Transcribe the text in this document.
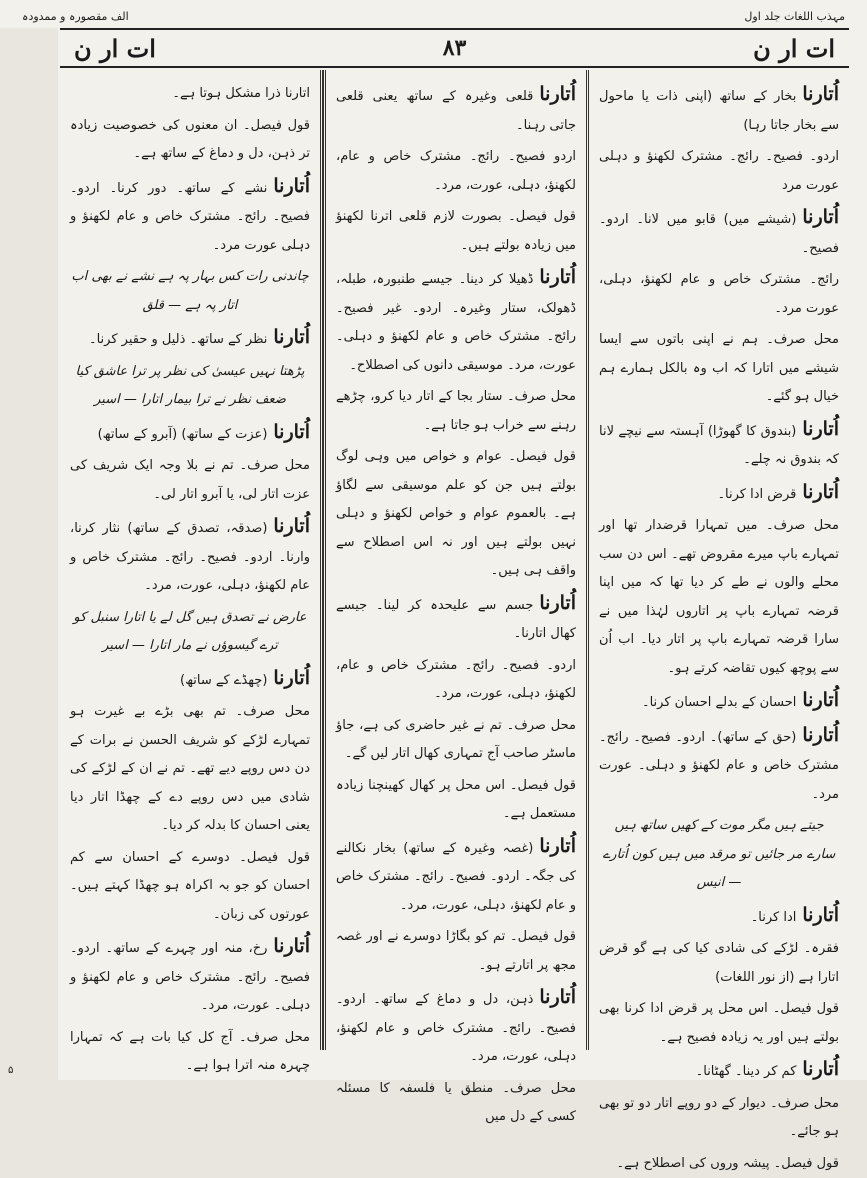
مہذب اللغات جلد اول
الف مقصورہ و ممدودہ
ات ار ن
۸۳
ات ار ن

اُتارنابخار کے ساتھ (اپنی ذات یا ماحول سے بخار جاتا رہا)

اردو۔ فصیح۔ رائج۔ مشترک لکھنؤ و دہلی عورت مرد

اُتارنا(شیشے میں) قابو میں لانا۔ اردو۔ فصیح۔

رائج۔ مشترک خاص و عام لکھنؤ، دہلی، عورت مرد۔

محل صرف۔ ہم نے اپنی باتوں سے ایسا شیشے میں اتارا کہ اب وہ بالکل ہمارے ہم خیال ہو گئے۔

اُتارنا(بندوق کا گھوڑا) آہستہ سے نیچے لانا کہ بندوق نہ چلے۔

اُتارناقرض ادا کرنا۔

محل صرف۔ میں تمہارا قرضدار تھا اور تمہارے باپ میرے مقروض تھے۔ اس دن سب محلے والوں نے طے کر دیا تھا کہ میں اپنا قرضہ تمہارے باپ پر اتاروں لہٰذا میں نے سارا قرضہ تمہارے باپ پر اتار دیا۔ اب اُن سے پوچھ کیوں تقاضہ کرتے ہو۔

اُتارنااحسان کے بدلے احسان کرنا۔

اُتارنا(حق کے ساتھ)۔ اردو۔ فصیح۔ رائج۔ مشترک خاص و عام لکھنؤ و دہلی۔ عورت مرد۔

جیتے ہیں مگر موت کے کھیں ساتھ ہیں سارے مر جائیں تو مرقد میں ہیں کون اُتارے — انیس

اُتارناادا کرنا۔

فقرہ۔ لڑکے کی شادی کیا کی ہے گو قرض اتارا ہے (از نور اللغات)

قول فیصل۔ اس محل پر قرض ادا کرنا بھی بولتے ہیں اور یہ زیادہ فصیح ہے۔

اُتارناکم کر دینا۔ گھٹانا۔

محل صرف۔ دیوار کے دو روپے اتار دو تو بھی ہو جائے۔

قول فیصل۔ پیشہ وروں کی اصطلاح ہے۔

اُتارناقلعی وغیرہ کے ساتھ یعنی قلعی جاتی رہنا۔

اردو فصیح۔ رائج۔ مشترک خاص و عام، لکھنؤ، دہلی، عورت، مرد۔

قول فیصل۔ بصورت لازم قلعی اترنا لکھنؤ میں زیادہ بولتے ہیں۔

اُتارناڈھیلا کر دینا۔ جیسے طنبورہ، طبلہ، ڈھولک، ستار وغیرہ۔ اردو۔ غیر فصیح۔ رائج۔ مشترک خاص و عام لکھنؤ و دہلی۔ عورت، مرد۔ موسیقی دانوں کی اصطلاح۔

محل صرف۔ ستار بجا کے اتار دیا کرو، چڑھے رہنے سے خراب ہو جاتا ہے۔

قول فیصل۔ عوام و خواص میں وہی لوگ بولتے ہیں جن کو علم موسیقی سے لگاؤ ہے۔ بالعموم عوام و خواص لکھنؤ و دہلی نہیں بولتے ہیں اور نہ اس اصطلاح سے واقف ہی ہیں۔

اُتارناجسم سے علیحدہ کر لینا۔ جیسے کھال اتارنا۔

اردو۔ فصیح۔ رائج۔ مشترک خاص و عام، لکھنؤ، دہلی، عورت، مرد۔

محل صرف۔ تم نے غیر حاضری کی ہے، جاؤ ماسٹر صاحب آج تمہاری کھال اتار لیں گے۔

قول فیصل۔ اس محل پر کھال کھینچنا زیادہ مستعمل ہے۔

اُتارنا(غصہ وغیرہ کے ساتھ) بخار نکالنے کی جگہ۔ اردو۔ فصیح۔ رائج۔ مشترک خاص و عام لکھنؤ، دہلی، عورت، مرد۔

قول فیصل۔ تم کو بگاڑا دوسرے نے اور غصہ مجھ پر اتارتے ہو۔

اُتارناذہن، دل و دماغ کے ساتھ۔ اردو۔ فصیح۔ رائج۔ مشترک خاص و عام لکھنؤ، دہلی، عورت، مرد۔

محل صرف۔ منطق یا فلسفہ کا مسئلہ کسی کے دل میں

اتارنا ذرا مشکل ہوتا ہے۔

قول فیصل۔ ان معنوں کی خصوصیت زیادہ تر ذہن، دل و دماغ کے ساتھ ہے۔

اُتارنانشے کے ساتھ۔ دور کرنا۔ اردو۔ فصیح۔ رائج۔ مشترک خاص و عام لکھنؤ و دہلی عورت مرد۔

چاندنی رات کس بہار پہ ہے نشے نے بھی اب اتار پہ ہے — قلق

اُتارنانظر کے ساتھ۔ ذلیل و حقیر کرنا۔

پڑھتا نہیں عیسیٰ کی نظر پر ترا عاشق کیا ضعف نظر نے ترا بیمار اتارا — اسیر

اُتارنا(عزت کے ساتھ) (آبرو کے ساتھ)

محل صرف۔ تم نے بلا وجہ ایک شریف کی عزت اتار لی، یا آبرو اتار لی۔

اُتارنا(صدقہ، تصدق کے ساتھ) نثار کرنا، وارنا۔ اردو۔ فصیح۔ رائج۔ مشترک خاص و عام لکھنؤ، دہلی، عورت، مرد۔

عارض نے تصدق ہیں گل لے یا اتارا سنبل کو ترے گیسوؤں نے مار اتارا — اسیر

اُتارنا(چھڈے کے ساتھ)

محل صرف۔ تم بھی بڑے بے غیرت ہو تمہارے لڑکے کو شریف الحسن نے برات کے دن دس روپے دیے تھے۔ تم نے ان کے لڑکے کی شادی میں دس روپے دے کے چھڈا اتار دیا یعنی احسان کا بدلہ کر دیا۔

قول فیصل۔ دوسرے کے احسان سے کم احسان کو جو بہ اکراہ ہو چھڈا کہتے ہیں۔ عورتوں کی زبان۔

اُتارنارخ، منہ اور چہرے کے ساتھ۔ اردو۔ فصیح۔ رائج۔ مشترک خاص و عام لکھنؤ و دہلی۔ عورت، مرد۔

محل صرف۔ آج کل کیا بات ہے کہ تمہارا چہرہ منہ اترا ہوا ہے۔

۵
